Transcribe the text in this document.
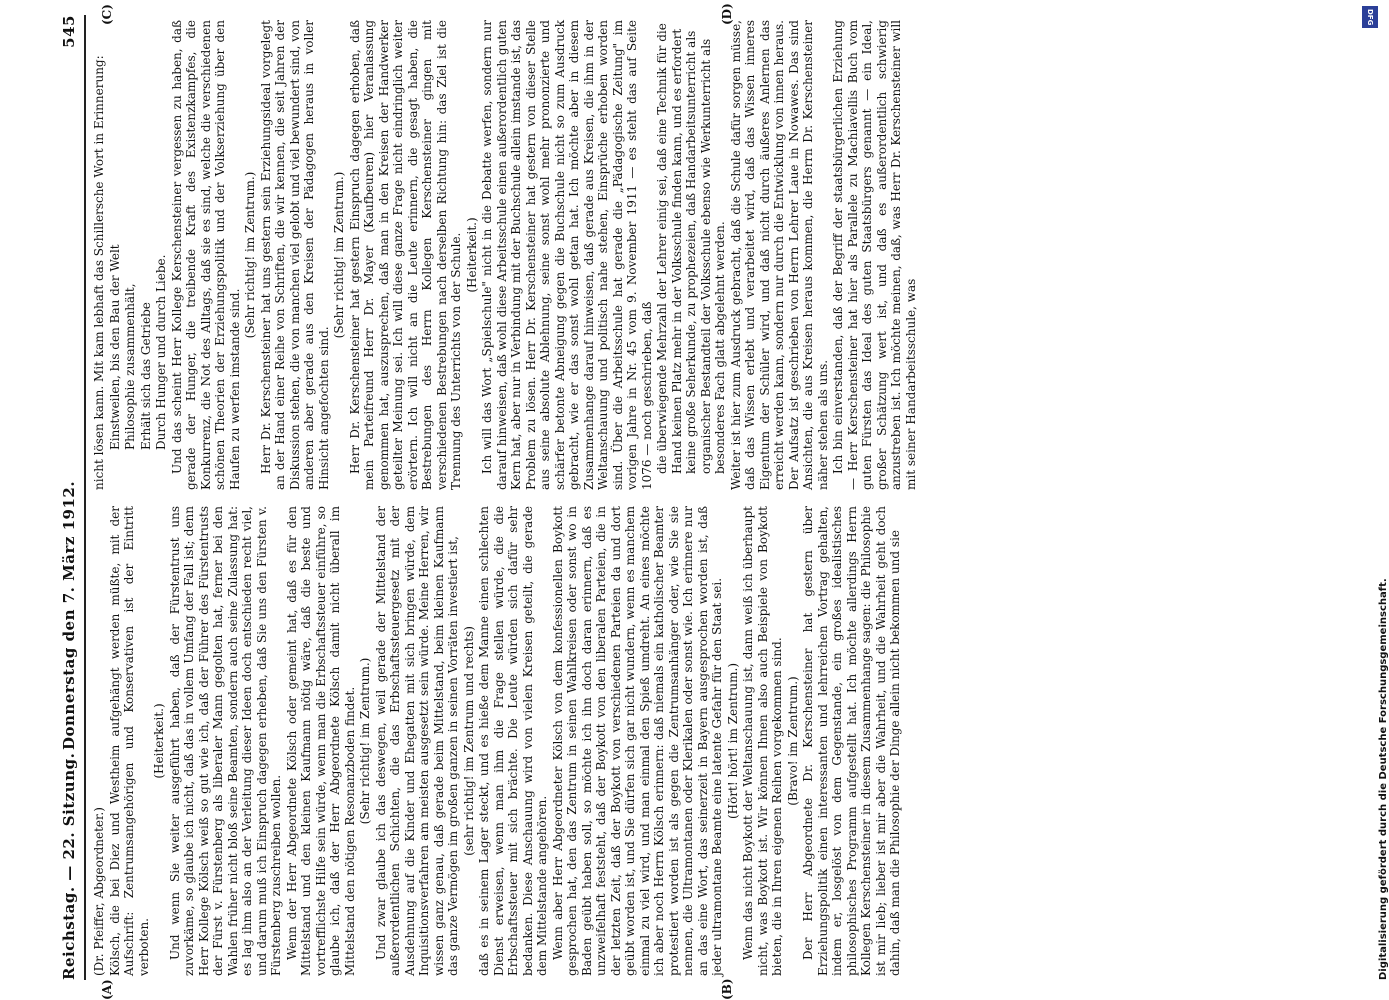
Reichstag. — 22. Sitzung.
Donnerstag den 7. März 1912.
545
(A)	(B)
(C)	(D)

(Dr. Pfeiffer, Abgeordneter.) Kölsch, die bei Diez und Westheim aufgehängt werden müßte, mit der Aufschrift: Zentrumsangehörigen und Konservativen ist der Eintritt verboten.

(Heiterkeit.) Und wenn Sie weiter ausgeführt haben, daß der Fürstentrust uns zuvorkäme, so glaube ich nicht, daß das in vollem Umfang der Fall ist; denn Herr Kollege Kölsch weiß so gut wie ich, daß der Führer des Fürstentrusts der Fürst v. Fürstenberg als liberaler Mann gegolten hat, ferner bei den Wahlen früher nicht bloß seine Beamten, sondern auch seine Zulassung hat: es lag ihm also an der Verleitung dieser Ideen doch entschieden recht viel, und darum muß ich Einspruch dagegen erheben, daß Sie uns den Fürsten v. Fürstenberg zuschreiben wollen. Wenn der Herr Abgeordnete Kölsch oder gemeint hat, daß es für den Mittelstand und den kleinen Kaufmann nötig wäre, daß die beste und vortrefflichste Hilfe sein würde, wenn man die Erbschaftssteuer einführe, so glaube ich, daß der Herr Abgeordnete Kölsch damit nicht überall im Mittelstand den nötigen Resonanzboden findet. (Sehr richtig! im Zentrum.) Und zwar glaube ich das deswegen, weil gerade der Mittelstand der außerordentlichen Schichten, die das Erbschaftssteuergesetz mit der Ausdehnung auf die Kinder und Ehegatten mit sich bringen würde, dem Inquisitionsverfahren am meisten ausgesetzt sein würde. Meine Herren, wir wissen ganz genau, daß gerade beim Mittelstand, beim kleinen Kaufmann das ganze Vermögen im großen ganzen in seinen Vorräten investiert ist, (sehr richtig! im Zentrum und rechts) daß es in seinem Lager steckt, und es hieße dem Manne einen schlechten Dienst erweisen, wenn man ihm die Frage stellen würde, die die Erbschaftssteuer mit sich brächte. Die Leute würden sich dafür sehr bedanken. Diese Anschauung wird von vielen Kreisen geteilt, die gerade dem Mittelstande angehören. Wenn aber Herr Abgeordneter Kölsch von dem konfessionellen Boykott gesprochen hat, den das Zentrum in seinen Wahlkreisen oder sonst wo in Baden geübt haben soll, so möchte ich ihn doch daran erinnern, daß es unzweifelhaft feststeht, daß der Boykott von den liberalen Parteien, die in der letzten Zeit, daß der Boykott von verschiedenen Parteien da und dort geübt worden ist, und Sie dürfen sich gar nicht wundern, wenn es manchem einmal zu viel wird, und man einmal den Spieß umdreht. An eines möchte ich aber noch Herrn Kölsch erinnern: daß niemals ein katholischer Beamter protestiert worden ist als gegen die Zentrumsanhänger oder, wie Sie sie nennen, die Ultramontanen oder Klerikalen oder sonst wie. Ich erinnere nur an das eine Wort, das seinerzeit in Bayern ausgesprochen worden ist, daß jeder ultramontane Beamte eine latente Gefahr für den Staat sei. (Hört! hört! im Zentrum.) Wenn das nicht Boykott der Weltanschauung ist, dann weiß ich überhaupt nicht, was Boykott ist. Wir können Ihnen also auch Beispiele von Boykott bieten, die in Ihren eigenen Reihen vorgekommen sind. (Bravo! im Zentrum.) Der Herr Abgeordnete Dr. Kerschensteiner hat gestern über Erziehungspolitik einen interessanten und lehrreichen Vortrag gehalten, indem er, losgelöst von dem Gegenstande, ein großes idealistisches philosophisches Programm aufgestellt hat. Ich möchte allerdings Herrn Kollegen Kerschensteiner in diesem Zusammenhange sagen: die Philosophie ist mir lieb; lieber ist mir aber die Wahrheit, und die Wahrheit geht doch dahin, daß man die Philosophie der Dinge allein nicht bekommen und sie

nicht lösen kann. Mit kam lebhaft das Schillersche Wort in Erinnerung: Einstweilen, bis den Bau der Welt Philosophie zusammenhält, Erhält sich das Getriebe Durch Hunger und durch Liebe. Und das scheint Herr Kollege Kerschensteiner vergessen zu haben, daß gerade der Hunger, die treibende Kraft des Existenzkampfes, die Konkurrenz, die Not des Alltags, daß sie es sind, welche die verschiedenen schönen Theorien der Erziehungspolitik und der Volkserziehung über den Haufen zu werfen imstande sind.

(Sehr richtig! im Zentrum.) Herr Dr. Kerschensteiner hat uns gestern sein Erziehungsideal vorgelegt an der Hand einer Reihe von Schriften, die wir kennen, die seit Jahren der Diskussion stehen, die von manchen viel gelobt und viel bewundert sind, von anderen aber gerade aus den Kreisen der Pädagogen heraus in voller Hinsicht angefochten sind.

(Sehr richtig! im Zentrum.) Herr Dr. Kerschensteiner hat gestern Einspruch dagegen erhoben, daß mein Parteifreund Herr Dr. Mayer (Kaufbeuren) hier Veranlassung genommen hat, auszusprechen, daß man in den Kreisen der Handwerker geteilter Meinung sei. Ich will diese ganze Frage nicht eindringlich weiter erörtern. Ich will nicht an die Leute erinnern, die gesagt haben, die Bestrebungen des Herrn Kollegen Kerschensteiner gingen mit verschiedenen Bestrebungen nach derselben Richtung hin: das Ziel ist die Trennung des Unterrichts von der Schule. (Heiterkeit.) Ich will das Wort „Spielschule" nicht in die Debatte werfen, sondern nur darauf hinweisen, daß wohl diese Arbeitsschule einen außerordentlich guten Kern hat, aber nur in Verbindung mit der Buchschule allein imstande ist, das Problem zu lösen. Herr Dr. Kerschensteiner hat gestern von dieser Stelle aus seine absolute Ablehnung, seine sonst wohl mehr prononzierte und schärfer betonte Abneigung gegen die Buchschule nicht so zum Ausdruck gebracht, wie er das sonst wohl getan hat. Ich möchte aber in diesem Zusammenhange darauf hinweisen, daß gerade aus Kreisen, die ihm in der Weltanschauung und politisch nahe stehen, Einsprüche erhoben worden sind. Über die Arbeitsschule hat gerade die „Pädagogische Zeitung" im vorigen Jahre in Nr. 45 vom 9. November 1911 — es steht das auf Seite 1076 — noch geschrieben, daß die überwiegende Mehrzahl der Lehrer einig sei, daß eine Technik für die Hand keinen Platz mehr in der Volksschule finden kann, und es erfordert keine große Seherkunde, zu prophezeien, daß Handarbeitsunterricht als organischer Bestandteil der Volksschule ebenso wie Werkunterricht als besonderes Fach glatt abgelehnt werden. Weiter ist hier zum Ausdruck gebracht, daß die Schule dafür sorgen müsse, daß das Wissen erlebt und verarbeitet wird, daß das Wissen inneres Eigentum der Schüler wird, und daß nicht durch äußeres Anlernen das erreicht werden kann, sondern nur durch die Entwicklung von innen heraus. Der Aufsatz ist geschrieben von Herrn Lehrer Laue in Nowawes. Das sind Ansichten, die aus Kreisen heraus kommen, die Herrn Dr. Kerschensteiner näher stehen als uns. Ich bin einverstanden, daß der Begriff der staatsbürgerlichen Erziehung — Herr Kerschensteiner hat hier als Parallele zu Machiavellis Buch vom guten Fürsten das Ideal des guten Staatsbürgers genannt — ein Ideal, großer Schätzung wert ist, und daß es außerordentlich schwierig anzustreben ist. Ich möchte meinen, daß, was Herr Dr. Kerschensteiner will mit seiner Handarbeitsschule, was

DFG
Digitalisierung gefördert durch die Deutsche Forschungsgemeinschaft.
